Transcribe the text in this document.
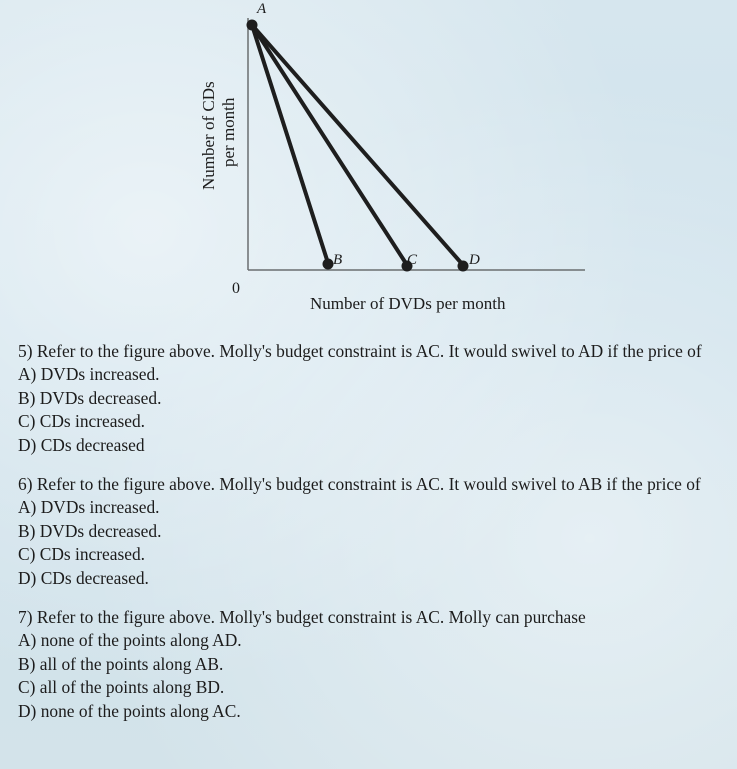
A
B	C	D
0
Number of DVDs per month
Number of CDs per month
5) Refer to the figure above. Molly's budget constraint is AC. It would swivel to AD if the price of
A) DVDs increased.
B) DVDs decreased.
C) CDs increased.
D) CDs decreased
6) Refer to the figure above. Molly's budget constraint is AC. It would swivel to AB if the price of
A) DVDs increased.
B) DVDs decreased.
C) CDs increased.
D) CDs decreased.
7) Refer to the figure above. Molly's budget constraint is AC. Molly can purchase
A) none of the points along AD.
B) all of the points along AB.
C) all of the points along BD.
D) none of the points along AC.
